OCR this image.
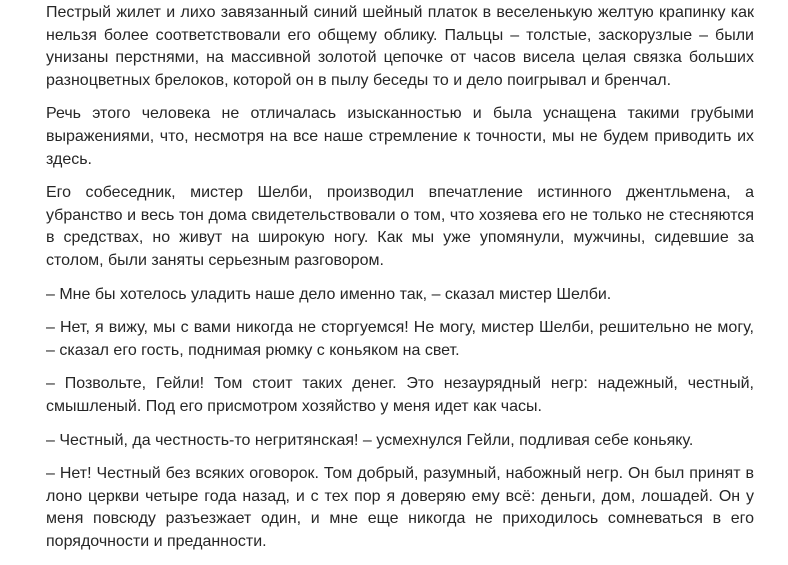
Пестрый жилет и лихо завязанный синий шейный платок в веселенькую желтую крапинку как нельзя более соответствовали его общему облику. Пальцы – толстые, заскорузлые – были унизаны перстнями, на массивной золотой цепочке от часов висела целая связка больших разноцветных брелоков, которой он в пылу беседы то и дело поигрывал и бренчал.

Речь этого человека не отличалась изысканностью и была уснащена такими грубыми выражениями, что, несмотря на все наше стремление к точности, мы не будем приводить их здесь.

Его собеседник, мистер Шелби, производил впечатление истинного джентльмена, а убранство и весь тон дома свидетельствовали о том, что хозяева его не только не стесняются в средствах, но живут на широкую ногу. Как мы уже упомянули, мужчины, сидевшие за столом, были заняты серьезным разговором.

– Мне бы хотелось уладить наше дело именно так, – сказал мистер Шелби.

– Нет, я вижу, мы с вами никогда не сторгуемся! Не могу, мистер Шелби, решительно не могу, – сказал его гость, поднимая рюмку с коньяком на свет.

– Позвольте, Гейли! Том стоит таких денег. Это незаурядный негр: надежный, честный, смышленый. Под его присмотром хозяйство у меня идет как часы.

– Честный, да честность-то негритянская! – усмехнулся Гейли, подливая себе коньяку.

– Нет! Честный без всяких оговорок. Том добрый, разумный, набожный негр. Он был принят в лоно церкви четыре года назад, и с тех пор я доверяю ему всё: деньги, дом, лошадей. Он у меня повсюду разъезжает один, и мне еще никогда не приходилось сомневаться в его порядочности и преданности.
